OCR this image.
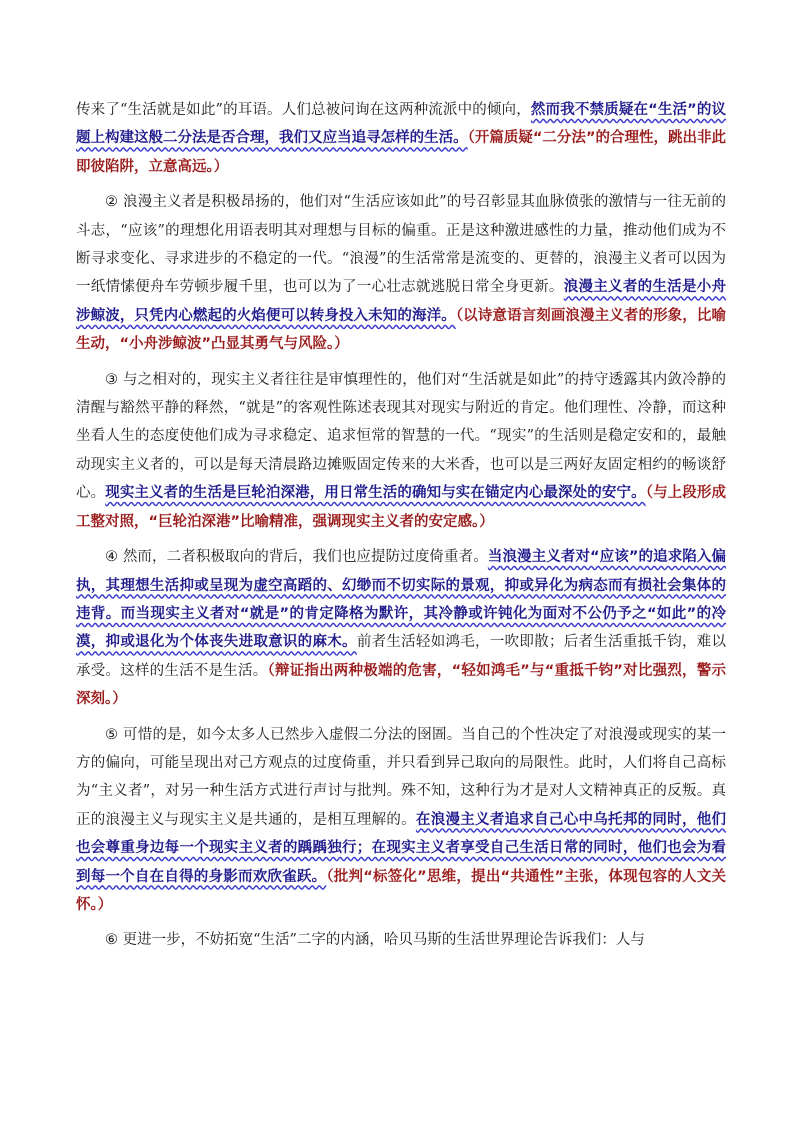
传来了“生活就是如此”的耳语。人们总被问询在这两种流派中的倾向，然而我不禁质疑在“生活”的议题上构建这般二分法是否合理，我们又应当追寻怎样的生活。（开篇质疑“二分法”的合理性，跳出非此即彼陷阱，立意高远。）

② 浪漫主义者是积极昂扬的，他们对“生活应该如此”的号召彰显其血脉偾张的激情与一往无前的斗志，“应该”的理想化用语表明其对理想与目标的偏重。正是这种激进感性的力量，推动他们成为不断寻求变化、寻求进步的不稳定的一代。“浪漫”的生活常常是流变的、更替的，浪漫主义者可以因为一纸情愫便舟车劳顿步履千里，也可以为了一心壮志就逃脱日常全身更新。浪漫主义者的生活是小舟涉鲸波，只凭内心燃起的火焰便可以转身投入未知的海洋。（以诗意语言刻画浪漫主义者的形象，比喻生动，“小舟涉鲸波”凸显其勇气与风险。）

③ 与之相对的，现实主义者往往是审慎理性的，他们对“生活就是如此”的持守透露其内敛冷静的清醒与豁然平静的释然，“就是”的客观性陈述表现其对现实与附近的肯定。他们理性、冷静，而这种坐看人生的态度使他们成为寻求稳定、追求恒常的智慧的一代。“现实”的生活则是稳定安和的，最触动现实主义者的，可以是每天清晨路边摊贩固定传来的大米香，也可以是三两好友固定相约的畅谈舒心。现实主义者的生活是巨轮泊深港，用日常生活的确知与实在锚定内心最深处的安宁。（与上段形成工整对照，“巨轮泊深港”比喻精准，强调现实主义者的安定感。）

④ 然而，二者积极取向的背后，我们也应提防过度倚重者。当浪漫主义者对“应该”的追求陷入偏执，其理想生活抑或呈现为虚空高蹈的、幻缈而不切实际的景观，抑或异化为病态而有损社会集体的违背。而当现实主义者对“就是”的肯定降格为默许，其冷静或许钝化为面对不公仍予之“如此”的冷漠，抑或退化为个体丧失进取意识的麻木。前者生活轻如鸿毛，一吹即散；后者生活重抵千钧，难以承受。这样的生活不是生活。（辩证指出两种极端的危害，“轻如鸿毛”与“重抵千钧”对比强烈，警示深刻。）

⑤ 可惜的是，如今太多人已然步入虚假二分法的囹圄。当自己的个性决定了对浪漫或现实的某一方的偏向，可能呈现出对己方观点的过度倚重，并只看到异己取向的局限性。此时，人们将自己高标为“主义者”，对另一种生活方式进行声讨与批判。殊不知，这种行为才是对人文精神真正的反叛。真正的浪漫主义与现实主义是共通的，是相互理解的。在浪漫主义者追求自己心中乌托邦的同时，他们也会尊重身边每一个现实主义者的踽踽独行；在现实主义者享受自己生活日常的同时，他们也会为看到每一个自在自得的身影而欢欣雀跃。（批判“标签化”思维，提出“共通性”主张，体现包容的人文关怀。）

⑥ 更进一步，不妨拓宽“生活”二字的内涵，哈贝马斯的生活世界理论告诉我们：人与
